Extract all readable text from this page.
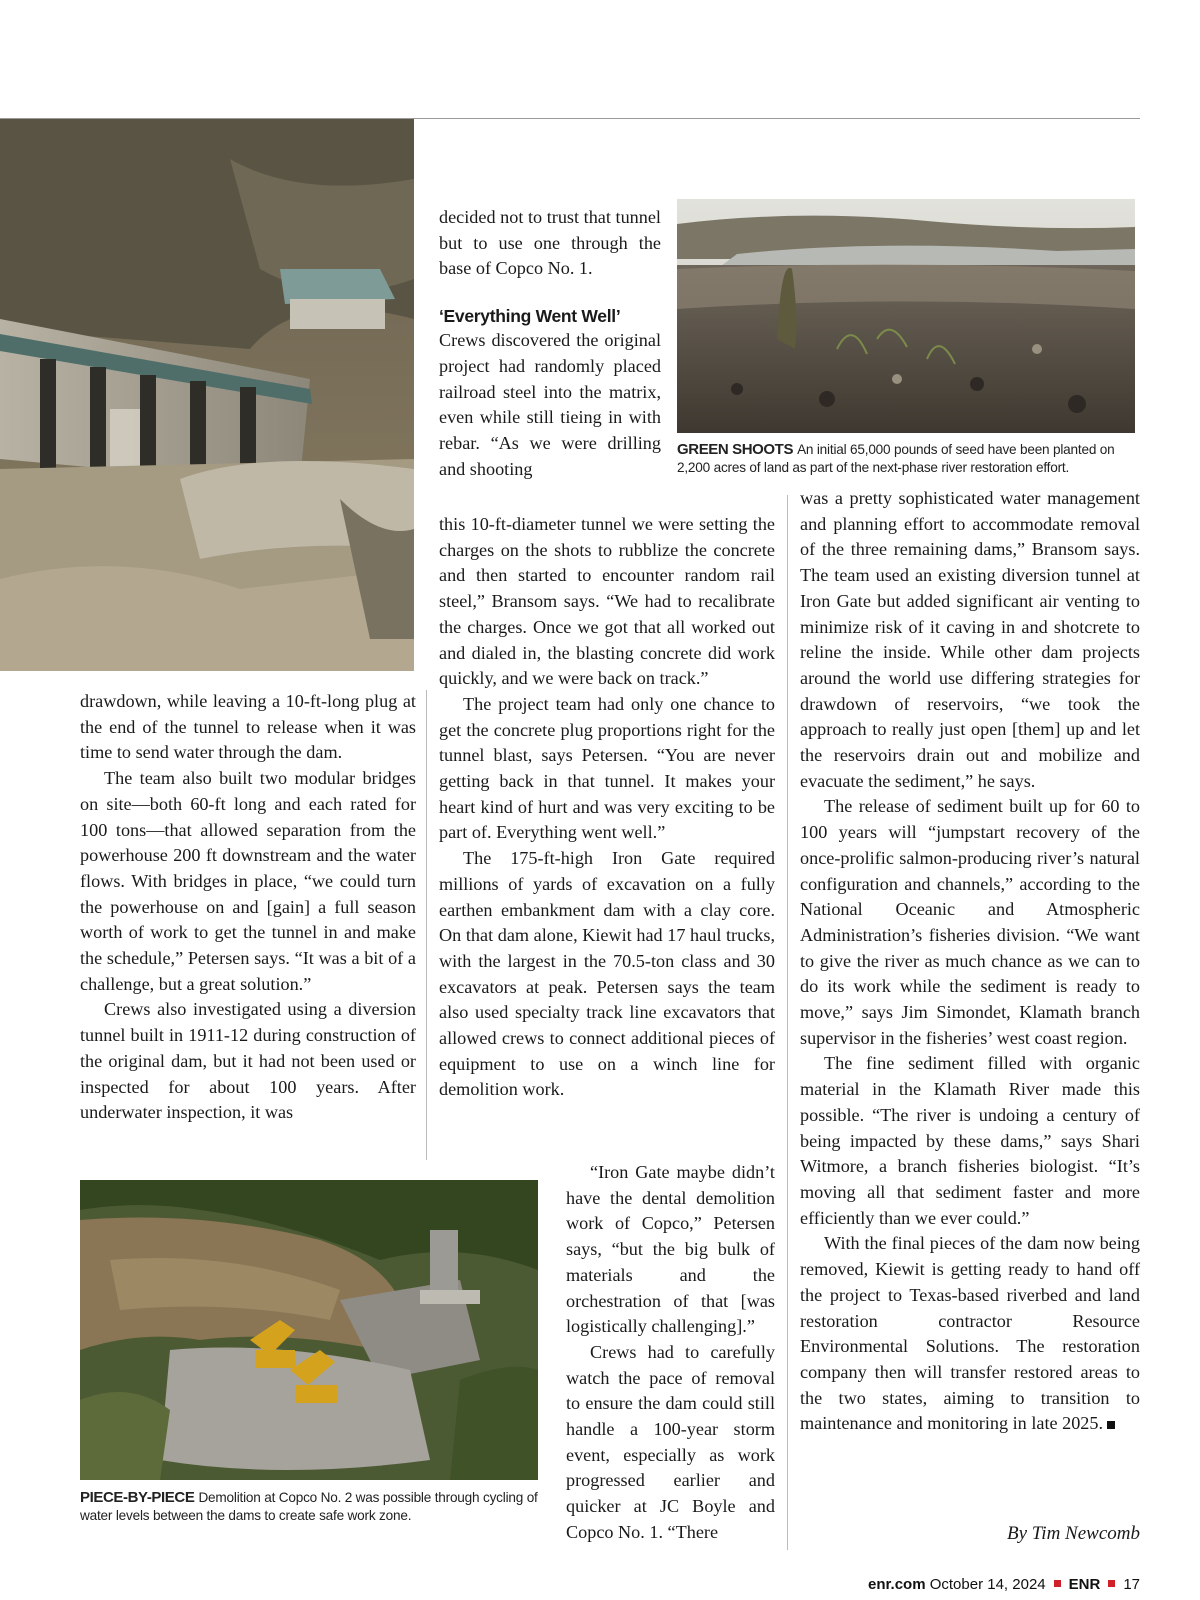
GREEN SHOOTS An initial 65,000 pounds of seed have been planted on 2,200 acres of land as part of the next-phase river restoration effort.
PIECE-BY-PIECE Demolition at Copco No. 2 was possible through cycling of water levels between the dams to create safe work zone.

drawdown, while leaving a 10-ft-long plug at the end of the tunnel to release when it was time to send water through the dam.

The team also built two modular bridges on site—both 60-ft long and each rated for 100 tons—that allowed separation from the powerhouse 200 ft downstream and the water flows. With bridges in place, “we could turn the powerhouse on and [gain] a full season worth of work to get the tunnel in and make the schedule,” Petersen says. “It was a bit of a challenge, but a great solution.”

Crews also investigated using a diversion tunnel built in 1911-12 during construction of the original dam, but it had not been used or inspected for about 100 years. After underwater inspection, it was

decided not to trust that tunnel but to use one through the base of Copco No. 1.

‘Everything Went Well’

Crews discovered the original project had randomly placed railroad steel into the matrix, even while still tieing in with rebar. “As we were drilling and shooting

this 10-ft-diameter tunnel we were setting the charges on the shots to rubblize the concrete and then started to encounter random rail steel,” Bransom says. “We had to recalibrate the charges. Once we got that all worked out and dialed in, the blasting concrete did work quickly, and we were back on track.”

The project team had only one chance to get the concrete plug proportions right for the tunnel blast, says Petersen. “You are never getting back in that tunnel. It makes your heart kind of hurt and was very exciting to be part of. Everything went well.”

The 175-ft-high Iron Gate required millions of yards of excavation on a fully earthen embankment dam with a clay core. On that dam alone, Kiewit had 17 haul trucks, with the largest in the 70.5-ton class and 30 excavators at peak. Petersen says the team also used specialty track line excavators that allowed crews to connect additional pieces of equipment to use on a winch line for demolition work.

“Iron Gate maybe didn’t have the dental demolition work of Copco,” Petersen says, “but the big bulk of materials and the orchestration of that [was logistically challenging].”

Crews had to carefully watch the pace of removal to ensure the dam could still handle a 100-year storm event, especially as work progressed earlier and quicker at JC Boyle and Copco No. 1. “There

was a pretty sophisticated water management and planning effort to accommodate removal of the three remaining dams,” Bransom says. The team used an existing diversion tunnel at Iron Gate but added significant air venting to minimize risk of it caving in and shotcrete to reline the inside. While other dam projects around the world use differing strategies for drawdown of reservoirs, “we took the approach to really just open [them] up and let the reservoirs drain out and mobilize and evacuate the sediment,” he says.

The release of sediment built up for 60 to 100 years will “jumpstart recovery of the once-prolific salmon-producing river’s natural configuration and channels,” according to the National Oceanic and Atmospheric Administration’s fisheries division. “We want to give the river as much chance as we can to do its work while the sediment is ready to move,” says Jim Simondet, Klamath branch supervisor in the fisheries’ west coast region.

The fine sediment filled with organic material in the Klamath River made this possible. “The river is undoing a century of being impacted by these dams,” says Shari Witmore, a branch fisheries biologist. “It’s moving all that sediment faster and more efficiently than we ever could.”

With the final pieces of the dam now being removed, Kiewit is getting ready to hand off the project to Texas-based riverbed and land restoration contractor Resource Environmental Solutions. The restoration company then will transfer restored areas to the two states, aiming to transition to maintenance and monitoring in late 2025.

By Tim Newcomb
enr.com October 14, 2024 ENR 17
